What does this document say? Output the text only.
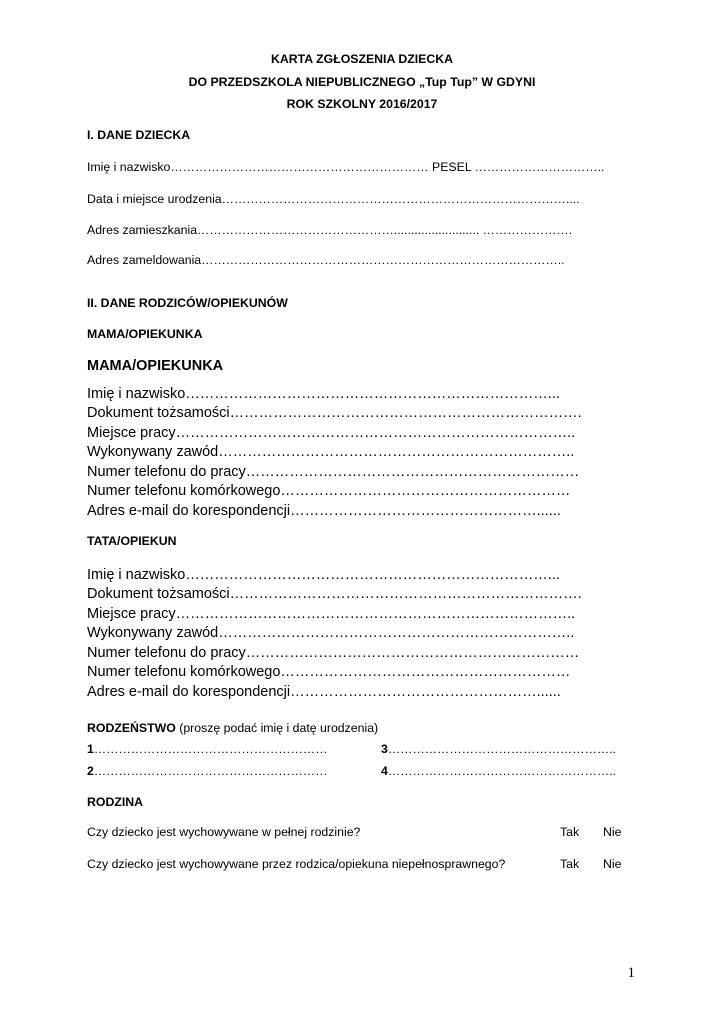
KARTA ZGŁOSZENIA DZIECKA
DO PRZEDSZKOLA NIEPUBLICZNEGO „Tup Tup” W GDYNI
ROK SZKOLNY 2016/2017
I. DANE DZIECKA
Imię i nazwisko……………………………………………………… PESEL …………………………..
Data i miejsce urodzenia…………………………………………………………………………....
Adres zamieszkania…………………………………………......................... ………………….
Adres zameldowania……………………………………………………………………………..
II. DANE RODZICÓW/OPIEKUNÓW
MAMA/OPIEKUNKA
MAMA/OPIEKUNKA
Imię i nazwisko…………………………………………………………………...
Dokument tożsamości……………………………………………………………….
Miejsce pracy………………………………………………………………………..
Wykonywany zawód………………………………………………………………..
Numer telefonu do pracy……………………………………………………………
Numer telefonu komórkowego……………………………………………………
Adres e-mail do korespondencji……………………………………………......
TATA/OPIEKUN
Imię i nazwisko…………………………………………………………………...
Dokument tożsamości……………………………………………………………….
Miejsce pracy………………………………………………………………………..
Wykonywany zawód………………………………………………………………..
Numer telefonu do pracy……………………………………………………………
Numer telefonu komórkowego……………………………………………………
Adres e-mail do korespondencji……………………………………………......
RODZEŃSTWO (proszę podać imię i datę urodzenia)
1…………………………………………………	3………………………………………………..
2…………………………………………………	4………………………………………………..
RODZINA
Czy dziecko jest wychowywane w pełnej rodzinie?	Tak Nie
Czy dziecko jest wychowywane przez rodzica/opiekuna niepełnosprawnego?	Tak Nie
1
